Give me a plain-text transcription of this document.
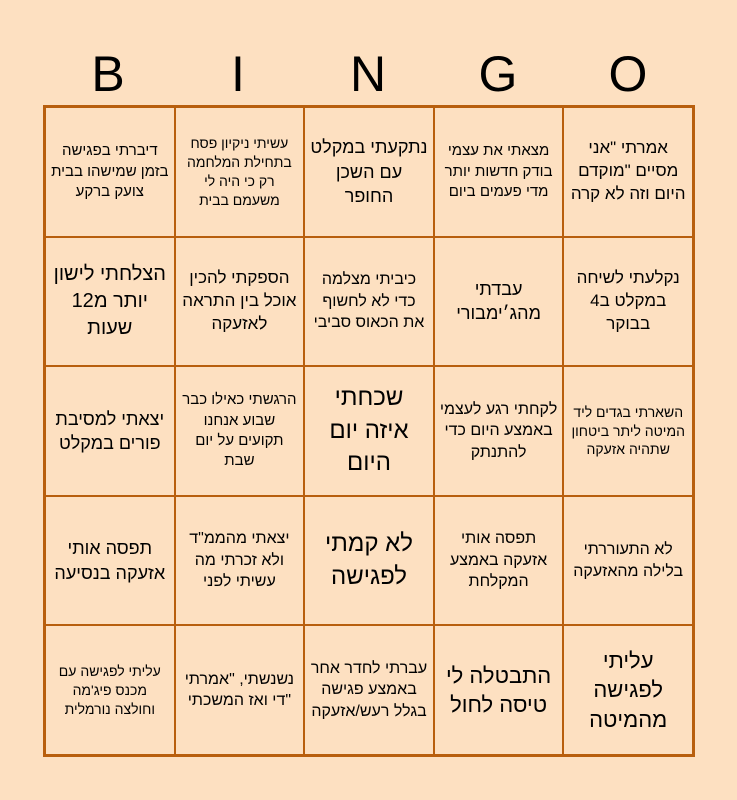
B	I	N	G	O
דיברתי בפגישה בזמן שמישהו בבית צועק ברקע
עשיתי ניקיון פסח בתחילת המלחמה רק כי היה לי משעמם בבית
נתקעתי במקלט עם השכן החופר
מצאתי את עצמי בודק חדשות יותר מדי פעמים ביום
אמרתי "אני מסיים "מוקדם היום וזה לא קרה
הצלחתי לישון יותר מ12 שעות
הספקתי להכין אוכל בין התראה לאזעקה
כיביתי מצלמה כדי לא לחשוף את הכאוס סביבי
עבדתי מהג׳ימבורי
נקלעתי לשיחה במקלט ב4 בבוקר
יצאתי למסיבת פורים במקלט
הרגשתי כאילו כבר שבוע אנחנו תקועים על יום שבת
שכחתי איזה יום היום
לקחתי רגע לעצמי באמצע היום כדי להתנתק
השארתי בגדים ליד המיטה ליתר ביטחון שתהיה אזעקה
תפסה אותי אזעקה בנסיעה
יצאתי מהממ"ד ולא זכרתי מה עשיתי לפני
לא קמתי לפגישה
תפסה אותי אזעקה באמצע המקלחת
לא התעוררתי בלילה מהאזעקה
עליתי לפגישה עם מכנס פיג'מה וחולצה נורמלית
נשנשתי, "אמרתי "די ואז המשכתי
עברתי לחדר אחר באמצע פגישה בגלל רעש/אזעקה
התבטלה לי טיסה לחול
עליתי לפגישה מהמיטה
